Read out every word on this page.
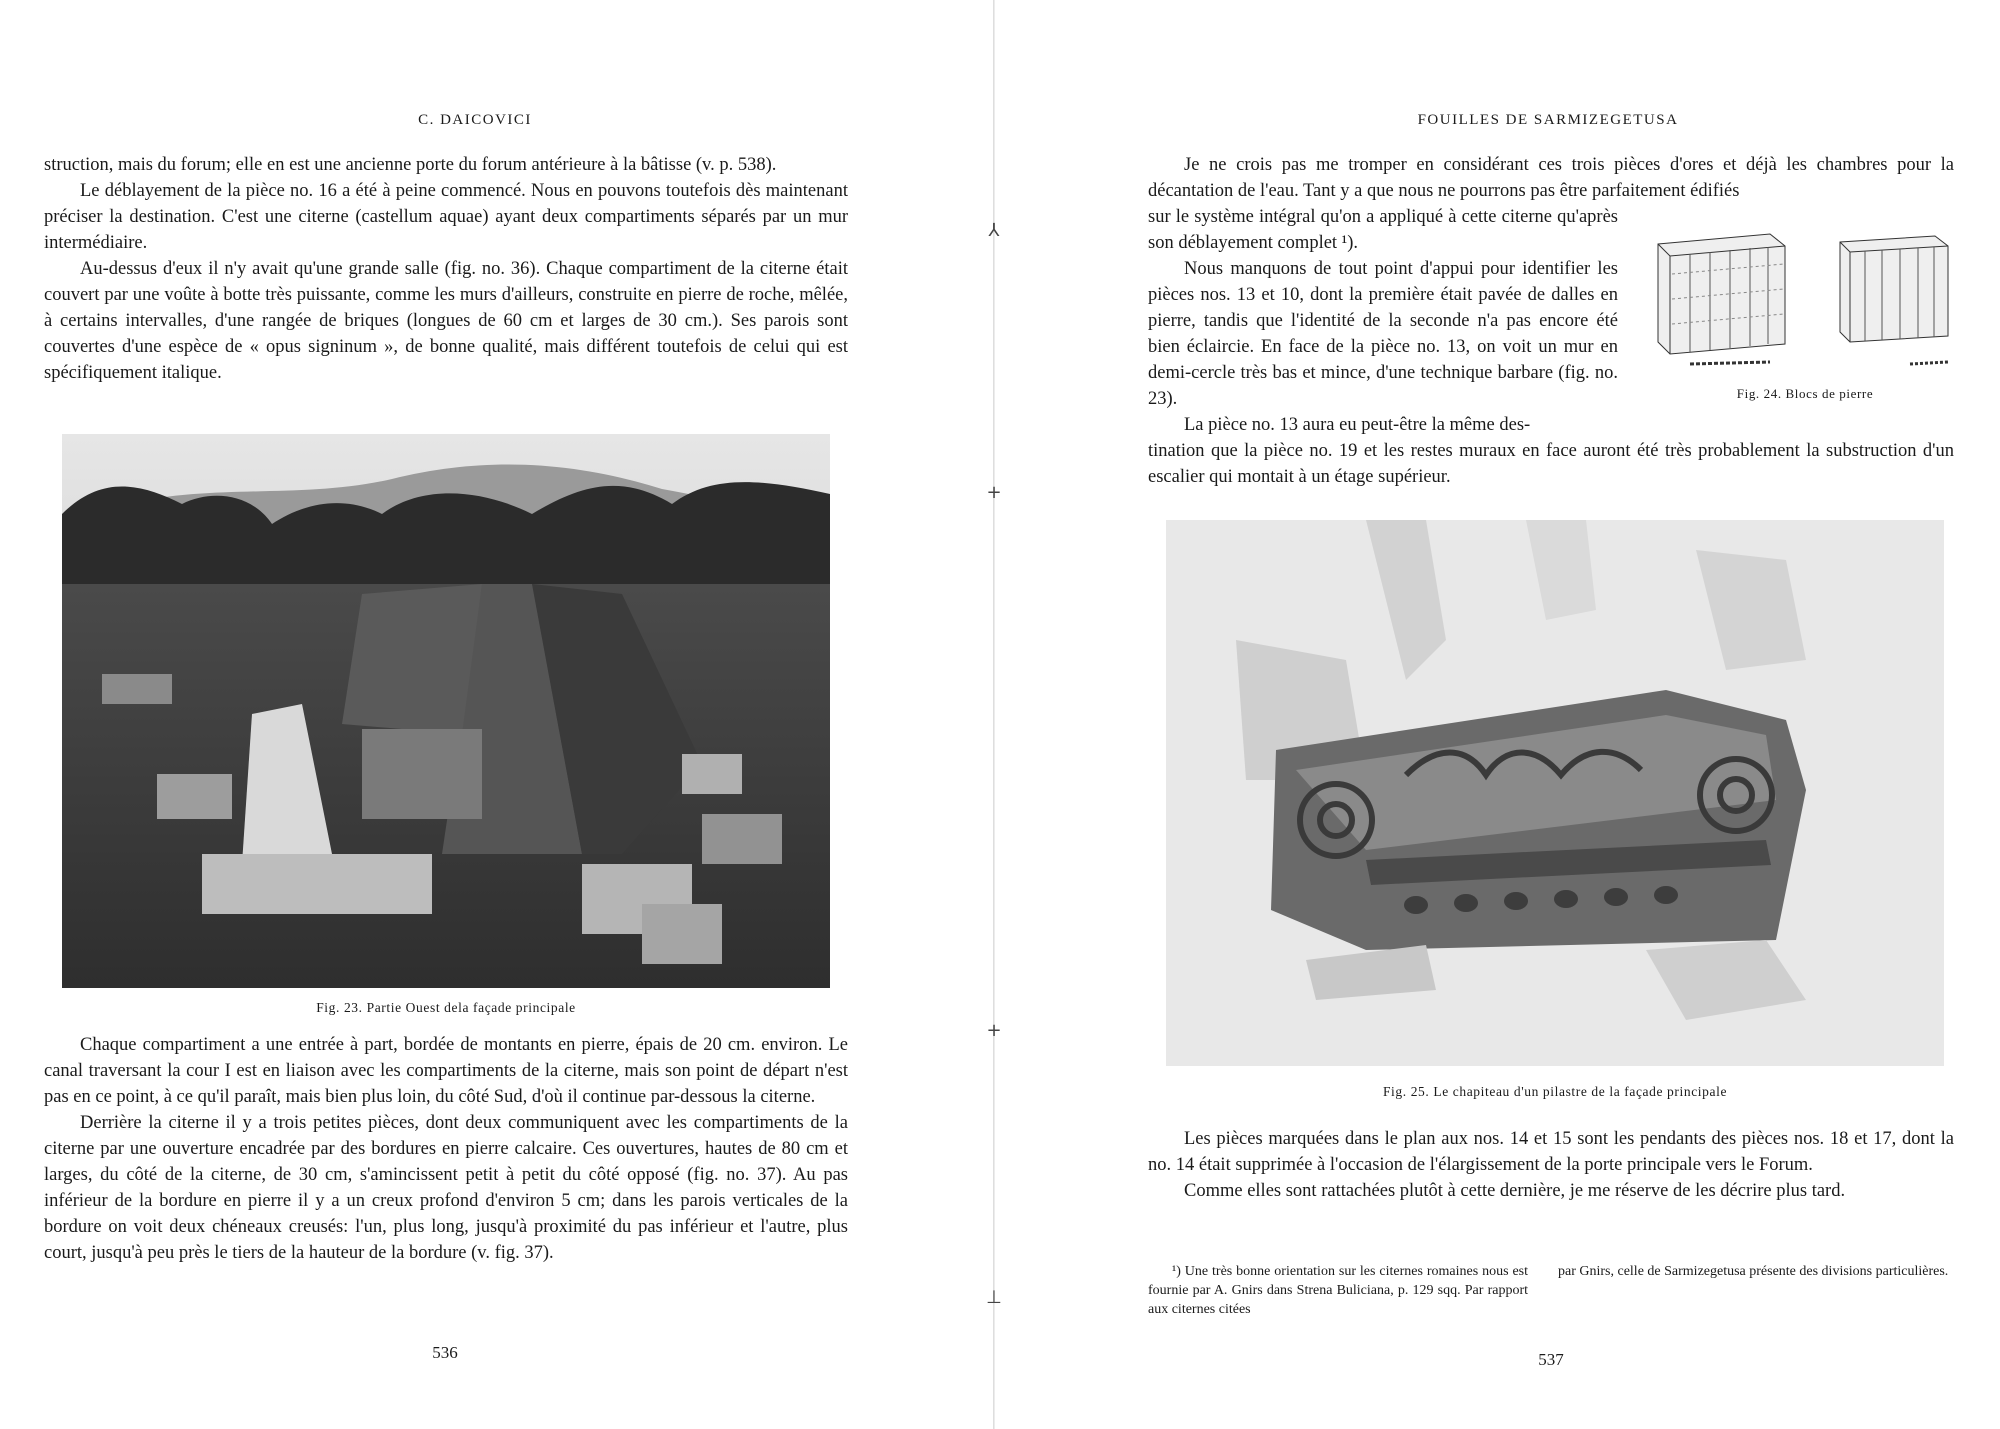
C. DAICOVICI

struction, mais du forum; elle en est une ancienne porte du forum antérieure à la bâtisse (v. p. 538).

Le déblayement de la pièce no. 16 a été à peine commencé. Nous en pouvons toutefois dès maintenant préciser la destination. C'est une citerne (castellum aquae) ayant deux compartiments séparés par un mur intermédiaire.

Au-dessus d'eux il n'y avait qu'une grande salle (fig. no. 36). Chaque compartiment de la citerne était couvert par une voûte à botte très puissante, comme les murs d'ailleurs, construite en pierre de roche, mêlée, à certains intervalles, d'une rangée de briques (longues de 60 cm et larges de 30 cm.). Ses parois sont couvertes d'une espèce de « opus signinum », de bonne qualité, mais différent toutefois de celui qui est spécifiquement italique.

Fig. 23. Partie Ouest dela façade principale

Chaque compartiment a une entrée à part, bordée de montants en pierre, épais de 20 cm. environ. Le canal traversant la cour I est en liaison avec les compartiments de la citerne, mais son point de départ n'est pas en ce point, à ce qu'il paraît, mais bien plus loin, du côté Sud, d'où il continue par-dessous la citerne.

Derrière la citerne il y a trois petites pièces, dont deux communiquent avec les compartiments de la citerne par une ouverture encadrée par des bordures en pierre calcaire. Ces ouvertures, hautes de 80 cm et larges, du côté de la citerne, de 30 cm, s'amincissent petit à petit du côté opposé (fig. no. 37). Au pas inférieur de la bordure en pierre il y a un creux profond d'environ 5 cm; dans les parois verticales de la bordure on voit deux chéneaux creusés: l'un, plus long, jusqu'à proximité du pas inférieur et l'autre, plus court, jusqu'à peu près le tiers de la hauteur de la bordure (v. fig. 37).

536
⅄
+
+
⊥
FOUILLES DE SARMIZEGETUSA

Je ne crois pas me tromper en considérant ces trois pièces d'ores et déjà les chambres pour la décantation de l'eau. Tant y a que nous ne pourrons pas être parfaitement édifiés

sur le système intégral qu'on a appliqué à cette citerne qu'après son déblayement complet ¹).

Nous manquons de tout point d'appui pour identifier les pièces nos. 13 et 10, dont la première était pavée de dalles en pierre, tandis que l'identité de la seconde n'a pas encore été bien éclaircie. En face de la pièce no. 13, on voit un mur en demi-cercle très bas et mince, d'une technique barbare (fig. no. 23).

La pièce no. 13 aura eu peut-être la même des-

Fig. 24. Blocs de pierre

tination que la pièce no. 19 et les restes muraux en face auront été très probablement la substruction d'un escalier qui montait à un étage supérieur.

Fig. 25. Le chapiteau d'un pilastre de la façade principale

Les pièces marquées dans le plan aux nos. 14 et 15 sont les pendants des pièces nos. 18 et 17, dont la no. 14 était supprimée à l'occasion de l'élargissement de la porte principale vers le Forum.

Comme elles sont rattachées plutôt à cette dernière, je me réserve de les décrire plus tard.

¹) Une très bonne orientation sur les citernes romaines nous est fournie par A. Gnirs dans Strena Buliciana, p. 129 sqq. Par rapport aux citernes citées
par Gnirs, celle de Sarmizegetusa présente des divisions particulières.
537
